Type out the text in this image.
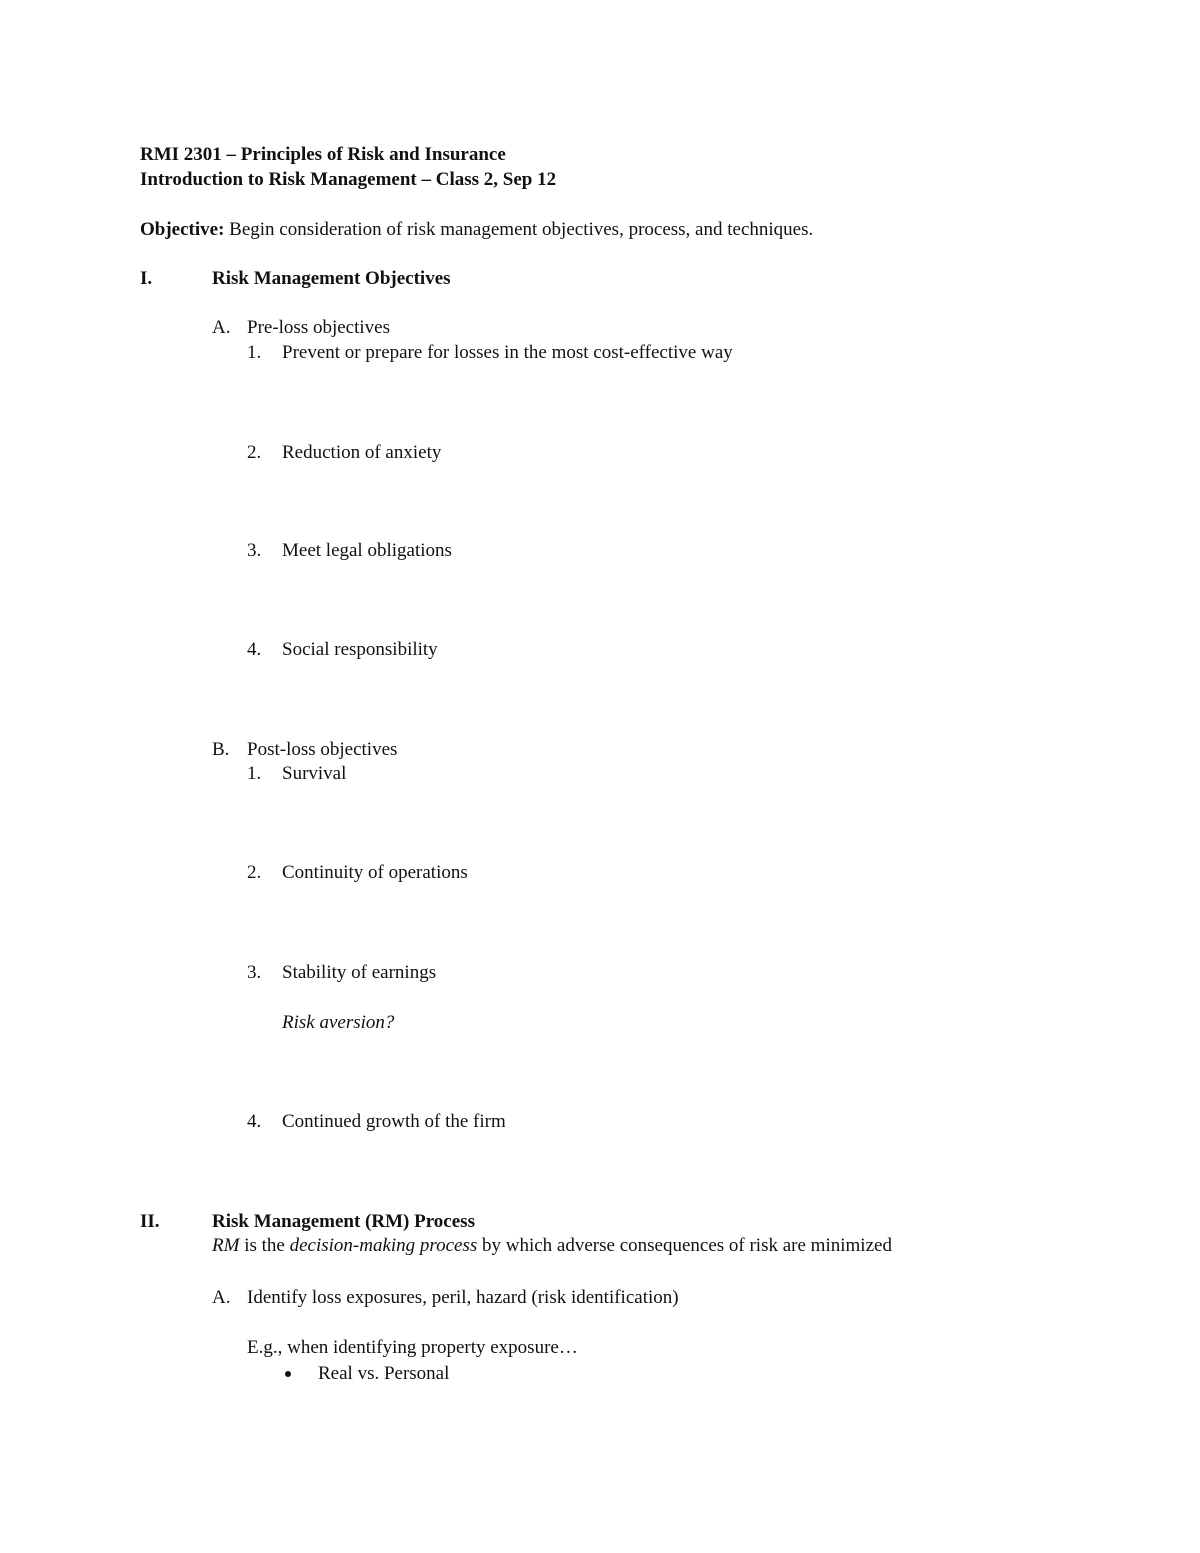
RMI 2301 – Principles of Risk and Insurance
Introduction to Risk Management – Class 2, Sep 12
Objective: Begin consideration of risk management objectives, process, and techniques.
I.	Risk Management Objectives
A. Pre-loss objectives
1. Prevent or prepare for losses in the most cost-effective way
2. Reduction of anxiety
3. Meet legal obligations
4. Social responsibility
B. Post-loss objectives
1. Survival
2. Continuity of operations
3. Stability of earnings
Risk aversion?
4. Continued growth of the firm
II.	Risk Management (RM) Process
RM is the decision-making process by which adverse consequences of risk are minimized
A. Identify loss exposures, peril, hazard (risk identification)
E.g., when identifying property exposure…
Real vs. Personal
